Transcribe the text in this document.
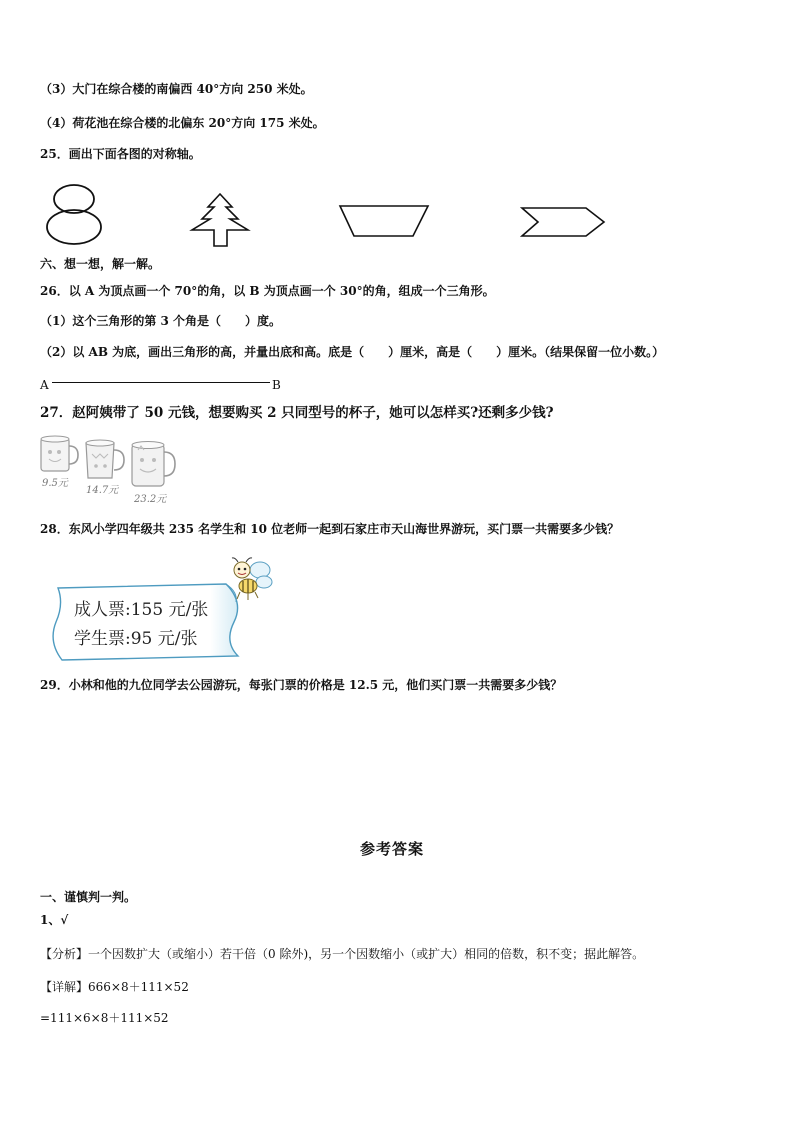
（3）大门在综合楼的南偏西 40°方向 250 米处。
（4）荷花池在综合楼的北偏东 20°方向 175 米处。
25．画出下面各图的对称轴。
六、想一想，解一解。
26．以 A 为顶点画一个 70°的角，以 B 为顶点画一个 30°的角，组成一个三角形。
（1）这个三角形的第 3 个角是（　　）度。
（2）以 AB 为底，画出三角形的高，并量出底和高。底是（　　）厘米，高是（　　）厘米。（结果保留一位小数。）
A	B
27．赵阿姨带了 50 元钱，想要购买 2 只同型号的杯子，她可以怎样买?还剩多少钱?
9.5元
14.7元
23.2元
28．东风小学四年级共 235 名学生和 10 位老师一起到石家庄市天山海世界游玩，买门票一共需要多少钱？
成人票:155 元/张
学生票:95 元/张
29．小林和他的九位同学去公园游玩，每张门票的价格是 12.5 元，他们买门票一共需要多少钱？
参考答案
一、谨慎判一判。
1、√
【分析】一个因数扩大（或缩小）若干倍（0 除外)，另一个因数缩小（或扩大）相同的倍数，积不变；据此解答。
【详解】666×8＋111×52
=111×6×8＋111×52
